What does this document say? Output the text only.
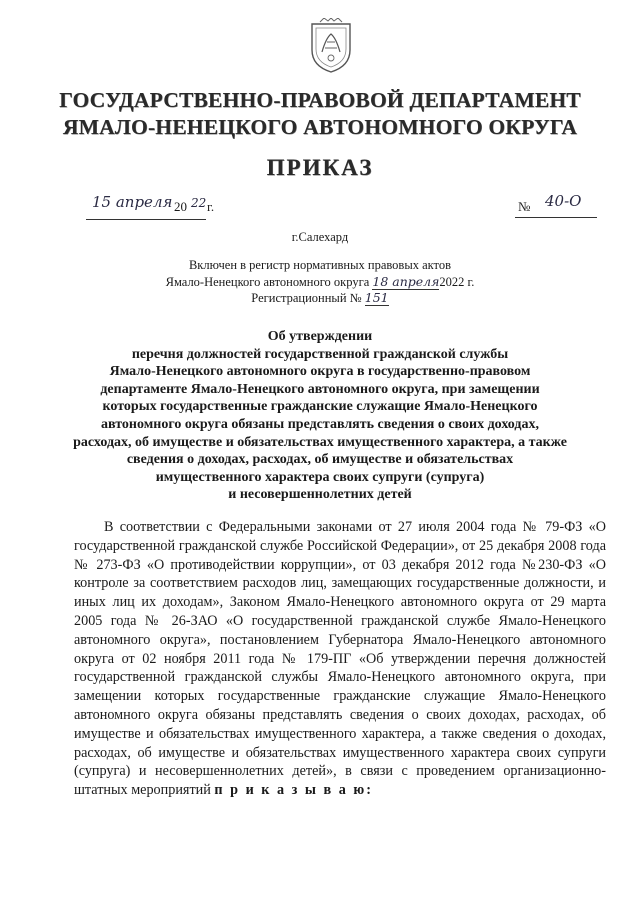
ГОСУДАРСТВЕННО-ПРАВОВОЙ ДЕПАРТАМЕНТ
ЯМАЛО-НЕНЕЦКОГО АВТОНОМНОГО ОКРУГА
ПРИКАЗ
15 апреля 20 22 г.	№ 40-О
г.Салехард
Включен в регистр нормативных правовых актов
Ямало-Ненецкого автономного округа 18 апреля2022 г.
Регистрационный № 151
Об утверждении
перечня должностей государственной гражданской службы
Ямало-Ненецкого автономного округа в государственно-правовом
департаменте Ямало-Ненецкого автономного округа, при замещении
которых государственные гражданские служащие Ямало-Ненецкого
автономного округа обязаны представлять сведения о своих доходах,
расходах, об имуществе и обязательствах имущественного характера, а также
сведения о доходах, расходах, об имуществе и обязательствах
имущественного характера своих супруги (супруга)
и несовершеннолетних детей

В соответствии с Федеральными законами от 27 июля 2004 года № 79-ФЗ «О государственной гражданской службе Российской Федерации», от 25 декабря 2008 года № 273-ФЗ «О противодействии коррупции», от 03 декабря 2012 года №230-ФЗ «О контроле за соответствием расходов лиц, замещающих государственные должности, и иных лиц их доходам», Законом Ямало-Ненецкого автономного округа от 29 марта 2005 года № 26-ЗАО «О государственной гражданской службе Ямало-Ненецкого автономного округа», постановлением Губернатора Ямало-Ненецкого автономного округа от 02 ноября 2011 года № 179-ПГ «Об утверждении перечня должностей государственной гражданской службы Ямало-Ненецкого автономного округа, при замещении которых государственные гражданские служащие Ямало-Ненецкого автономного округа обязаны представлять сведения о своих доходах, расходах, об имуществе и обязательствах имущественного характера, а также сведения о доходах, расходах, об имуществе и обязательствах имущественного характера своих супруги (супруга) и несовершеннолетних детей», в связи с проведением организационно-штатных мероприятий п р и к а з ы в а ю:
